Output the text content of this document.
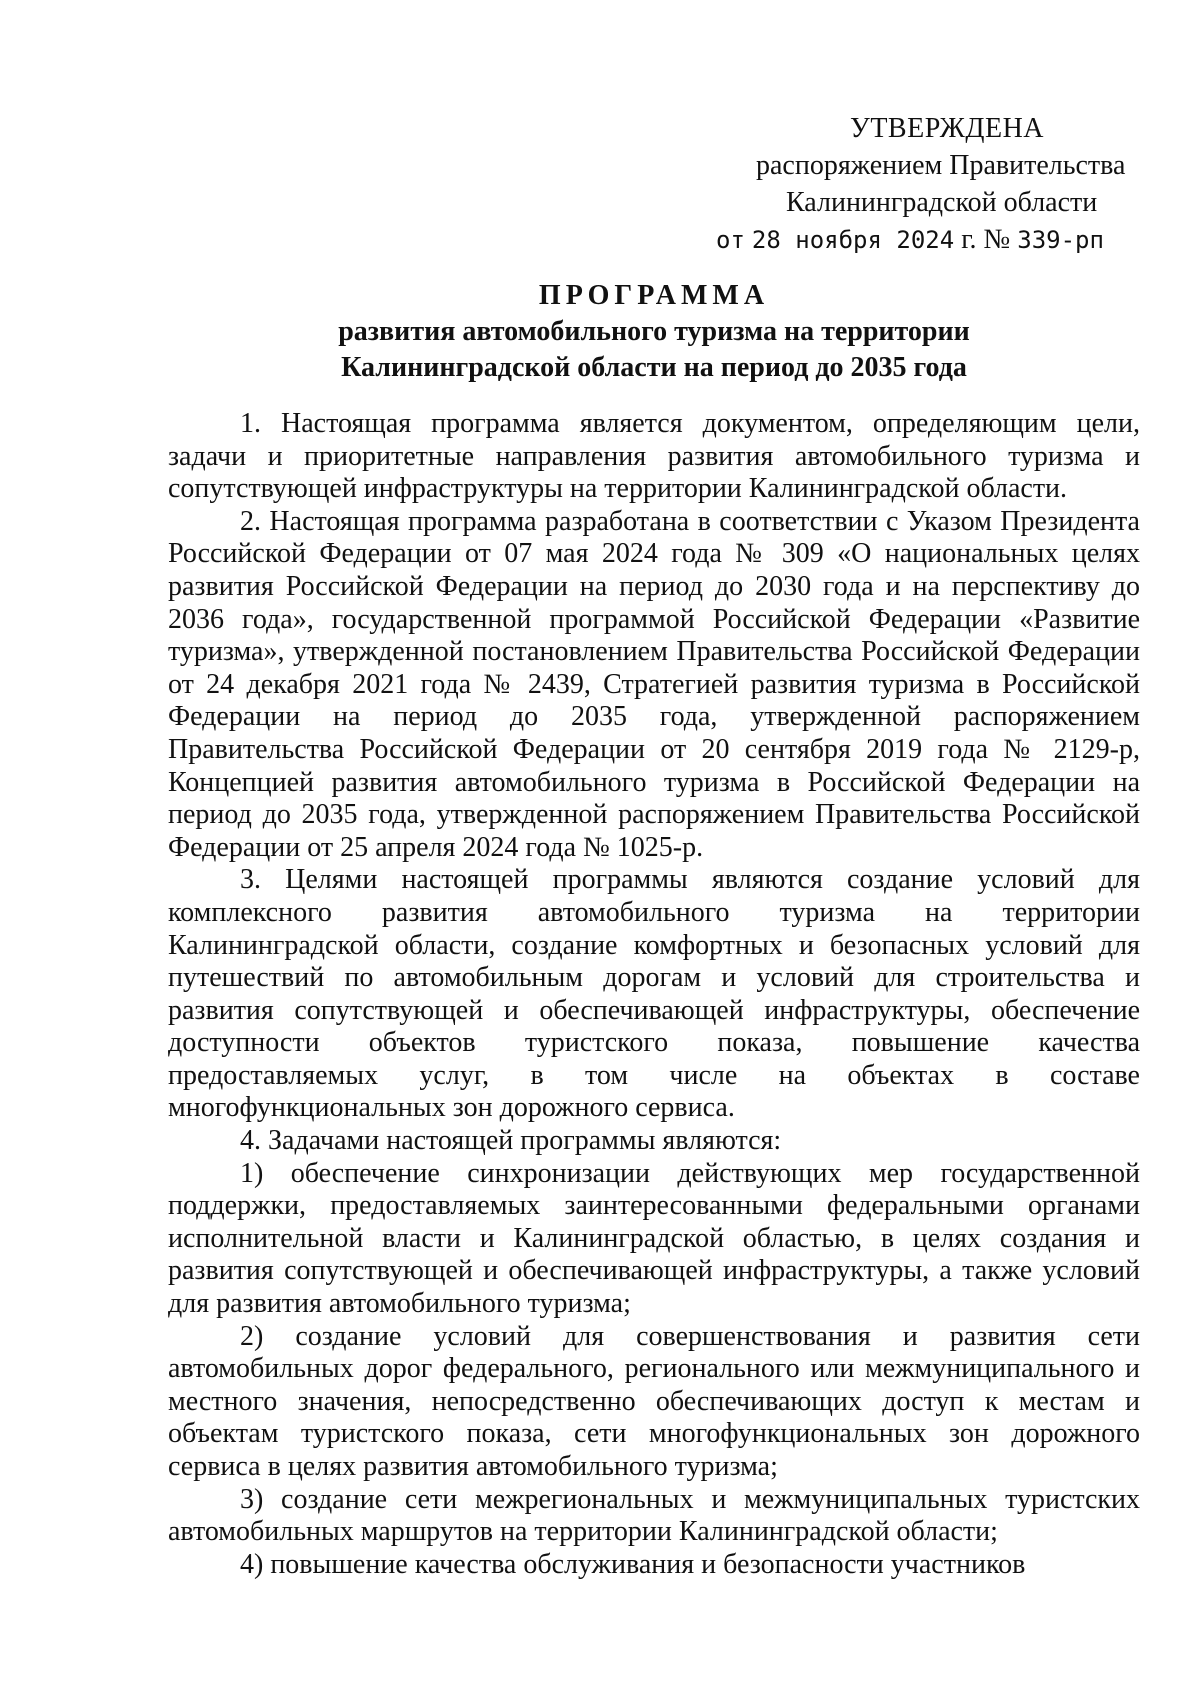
УТВЕРЖДЕНА
распоряжением Правительства
Калининградской области
от 28 ноября 2024 г. № 339-рп
ПРОГРАММА
развития автомобильного туризма на территории
Калининградской области на период до 2035 года

1. Настоящая программа является документом, определяющим цели, задачи и приоритетные направления развития автомобильного туризма и сопутствующей инфраструктуры на территории Калининградской области.

2. Настоящая программа разработана в соответствии с Указом Президента Российской Федерации от 07 мая 2024 года № 309 «О национальных целях развития Российской Федерации на период до 2030 года и на перспективу до 2036 года», государственной программой Российской Федерации «Развитие туризма», утвержденной постановлением Правительства Российской Федерации от 24 декабря 2021 года № 2439, Стратегией развития туризма в Российской Федерации на период до 2035 года, утвержденной распоряжением Правительства Российской Федерации от 20 сентября 2019 года № 2129-р, Концепцией развития автомобильного туризма в Российской Федерации на период до 2035 года, утвержденной распоряжением Правительства Российской Федерации от 25 апреля 2024 года № 1025-р.

3. Целями настоящей программы являются создание условий для комплексного развития автомобильного туризма на территории Калининградской области, создание комфортных и безопасных условий для путешествий по автомобильным дорогам и условий для строительства и развития сопутствующей и обеспечивающей инфраструктуры, обеспечение доступности объектов туристского показа, повышение качества предоставляемых услуг, в том числе на объектах в составе многофункциональных зон дорожного сервиса.

4. Задачами настоящей программы являются:

1) обеспечение синхронизации действующих мер государственной поддержки, предоставляемых заинтересованными федеральными органами исполнительной власти и Калининградской областью, в целях создания и развития сопутствующей и обеспечивающей инфраструктуры, а также условий для развития автомобильного туризма;

2) создание условий для совершенствования и развития сети автомобильных дорог федерального, регионального или межмуниципального и местного значения, непосредственно обеспечивающих доступ к местам и объектам туристского показа, сети многофункциональных зон дорожного сервиса в целях развития автомобильного туризма;

3) создание сети межрегиональных и межмуниципальных туристских автомобильных маршрутов на территории Калининградской области;

4) повышение качества обслуживания и безопасности участников
